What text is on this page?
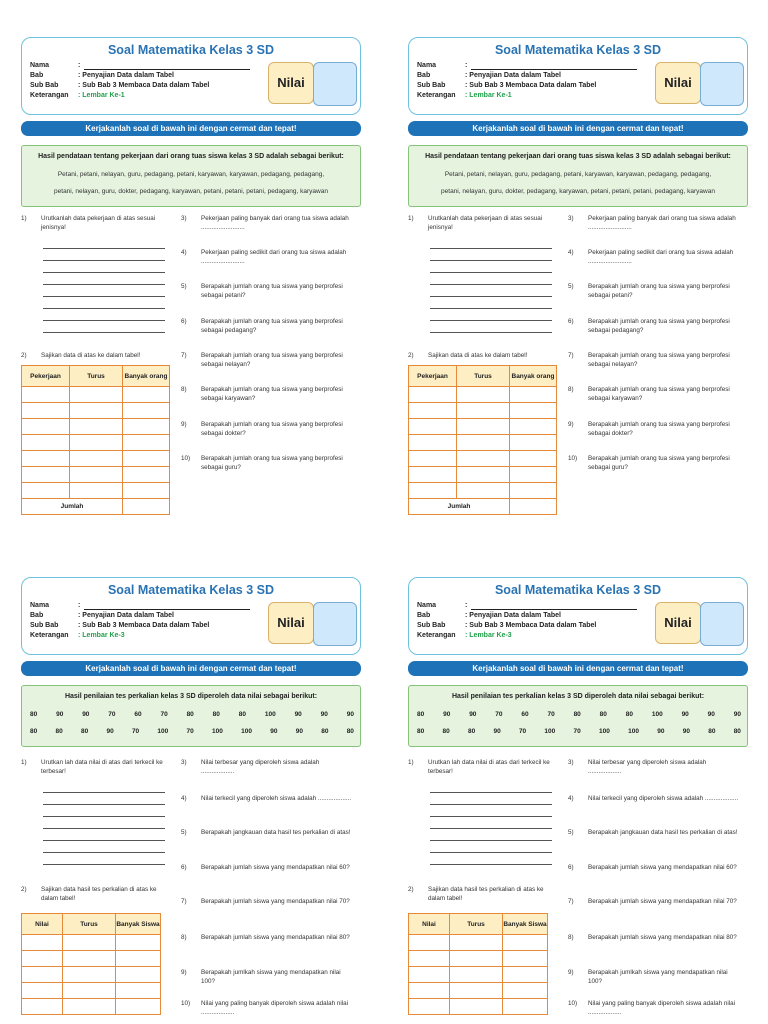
Soal Matematika Kelas 3 SD
Nama	:
Bab	: Penyajian Data dalam Tabel
Sub Bab	: Sub Bab 3 Membaca Data dalam Tabel
Keterangan : Lembar Ke-1
Nilai
Kerjakanlah soal di bawah ini dengan cermat dan tepat!
Hasil pendataan tentang pekerjaan dari orang tuas siswa kelas 3 SD adalah sebagai berikut:
Petani, petani, nelayan, guru, pedagang, petani, karyawan, karyawan, pedagang, pedagang,
petani, nelayan, guru, dokter, pedagang, karyawan, petani, petani, petani, pedagang, karyawan
1) Urutkanlah data pekerjaan di atas sesuai jenisnya!
2) Sajikan data di atas ke dalam tabel!
Pekerjaan	Turus	Banyak orang

Jumlah		
3) Pekerjaan paling banyak dari orang tua siswa adalah .........................
4) Pekerjaan paling sedikit dari orang tua siswa adalah .........................
5) Berapakah jumlah orang tua siswa yang berprofesi sebagai petani?
6) Berapakah jumlah orang tua siswa yang berprofesi sebagai pedagang?
7) Berapakah jumlah orang tua siswa yang berprofesi sebagai nelayan?
8) Berapakah jumlah orang tua siswa yang berprofesi sebagai karyawan?
9) Berapakah jumlah orang tua siswa yang berprofesi sebagai dokter?
10) Berapakah jumlah orang tua siswa yang berprofesi sebagai guru?
Soal Matematika Kelas 3 SD
Nama	:
Bab	: Penyajian Data dalam Tabel
Sub Bab	: Sub Bab 3 Membaca Data dalam Tabel
Keterangan : Lembar Ke-1
Nilai
Kerjakanlah soal di bawah ini dengan cermat dan tepat!
Hasil pendataan tentang pekerjaan dari orang tuas siswa kelas 3 SD adalah sebagai berikut:
Petani, petani, nelayan, guru, pedagang, petani, karyawan, karyawan, pedagang, pedagang,
petani, nelayan, guru, dokter, pedagang, karyawan, petani, petani, petani, pedagang, karyawan
1) Urutkanlah data pekerjaan di atas sesuai jenisnya!
2) Sajikan data di atas ke dalam tabel!
Pekerjaan	Turus	Banyak orang

Jumlah		
3) Pekerjaan paling banyak dari orang tua siswa adalah .........................
4) Pekerjaan paling sedikit dari orang tua siswa adalah .........................
5) Berapakah jumlah orang tua siswa yang berprofesi sebagai petani?
6) Berapakah jumlah orang tua siswa yang berprofesi sebagai pedagang?
7) Berapakah jumlah orang tua siswa yang berprofesi sebagai nelayan?
8) Berapakah jumlah orang tua siswa yang berprofesi sebagai karyawan?
9) Berapakah jumlah orang tua siswa yang berprofesi sebagai dokter?
10) Berapakah jumlah orang tua siswa yang berprofesi sebagai guru?
Soal Matematika Kelas 3 SD
Nama	:
Bab	: Penyajian Data dalam Tabel
Sub Bab	: Sub Bab 3 Membaca Data dalam Tabel
Keterangan : Lembar Ke-3
Nilai
Kerjakanlah soal di bawah ini dengan cermat dan tepat!
Hasil penilaian tes perkalian kelas 3 SD diperoleh data nilai sebagai berikut:
80	90	90	70	60	70	80	80	80	100	90	90	90
80	80	80	90	70	100	70	100	100	90	90	80	80
1) Urutkan lah data nilai di atas dari terkecil ke terbesar!
2) Sajikan data hasil tes perkalian di atas ke dalam tabel!
Nilai	Turus	Banyak Siswa

3) Nilai terbesar yang diperoleh siswa adalah ...................
4) Nilai terkecil yang diperoleh siswa adalah ...................
5) Berapakah jangkauan data hasil tes perkalian di atas!
6) Berapakah jumlah siswa yang mendapatkan nilai 60?
7) Berapakah jumlah siswa yang mendapatkan nilai 70?
8) Berapakah jumlah siswa yang mendapatkan nilai 80?
9) Berapakah jumlkah siswa yang mendapatkan nilai 100?
10) Nilai yang paling banyak diperoleh siswa adalah nilai ...................
Soal Matematika Kelas 3 SD
Nama	:
Bab	: Penyajian Data dalam Tabel
Sub Bab	: Sub Bab 3 Membaca Data dalam Tabel
Keterangan : Lembar Ke-3
Nilai
Kerjakanlah soal di bawah ini dengan cermat dan tepat!
Hasil penilaian tes perkalian kelas 3 SD diperoleh data nilai sebagai berikut:
80	90	90	70	60	70	80	80	80	100	90	90	90
80	80	80	90	70	100	70	100	100	90	90	80	80
1) Urutkan lah data nilai di atas dari terkecil ke terbesar!
2) Sajikan data hasil tes perkalian di atas ke dalam tabel!
Nilai	Turus	Banyak Siswa

3) Nilai terbesar yang diperoleh siswa adalah ...................
4) Nilai terkecil yang diperoleh siswa adalah ...................
5) Berapakah jangkauan data hasil tes perkalian di atas!
6) Berapakah jumlah siswa yang mendapatkan nilai 60?
7) Berapakah jumlah siswa yang mendapatkan nilai 70?
8) Berapakah jumlah siswa yang mendapatkan nilai 80?
9) Berapakah jumlkah siswa yang mendapatkan nilai 100?
10) Nilai yang paling banyak diperoleh siswa adalah nilai ...................
